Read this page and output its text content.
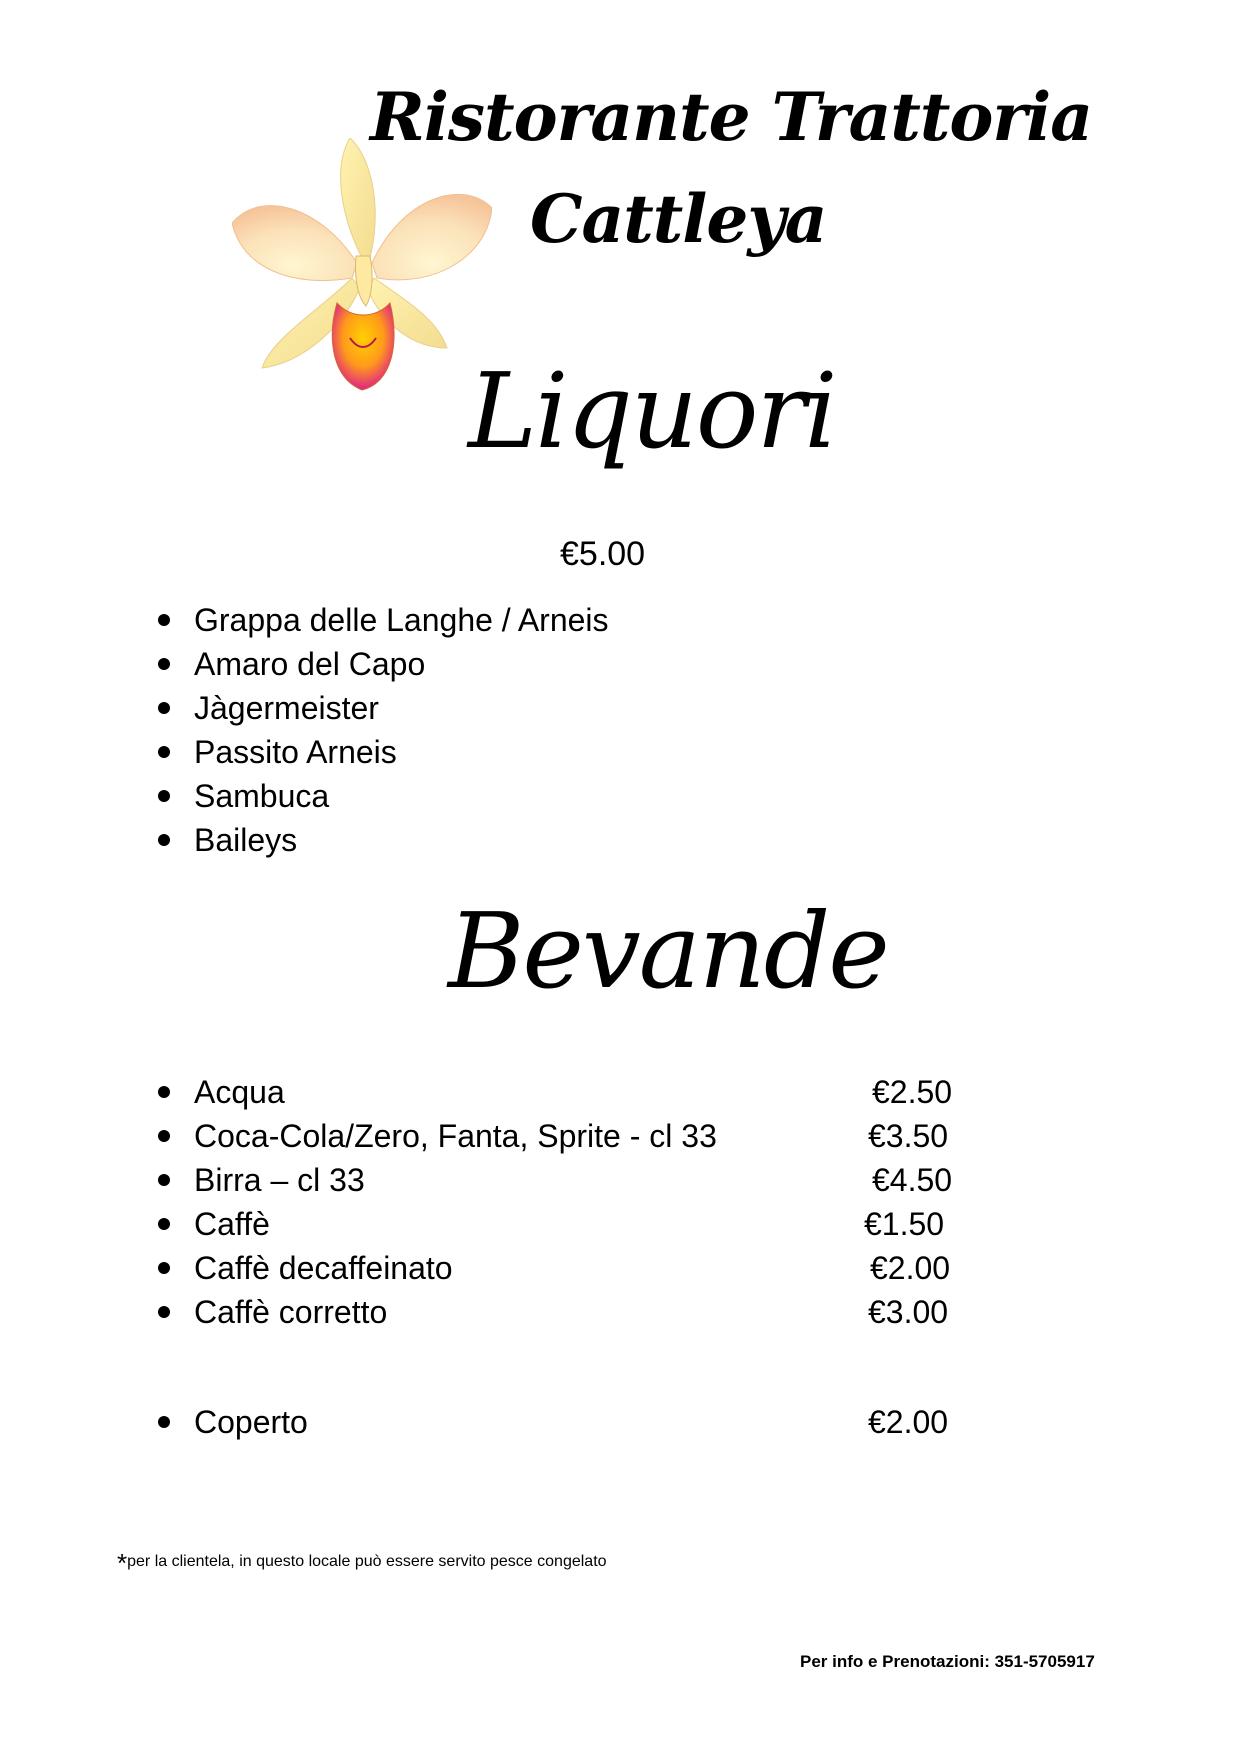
Ristorante Trattoria
Cattleya
Liquori
€5.00
Grappa delle Langhe / Arneis
Amaro del Capo
Jàgermeister
Passito Arneis
Sambuca
Baileys
Bevande
Acqua	€2.50
Coca-Cola/Zero, Fanta, Sprite - cl 33	€3.50
Birra – cl 33	€4.50
Caffè	€1.50
Caffè decaffeinato	€2.00
Caffè corretto	€3.00
Coperto	€2.00
*per la clientela, in questo locale può essere servito pesce congelato
Per info e Prenotazioni: 351-5705917
